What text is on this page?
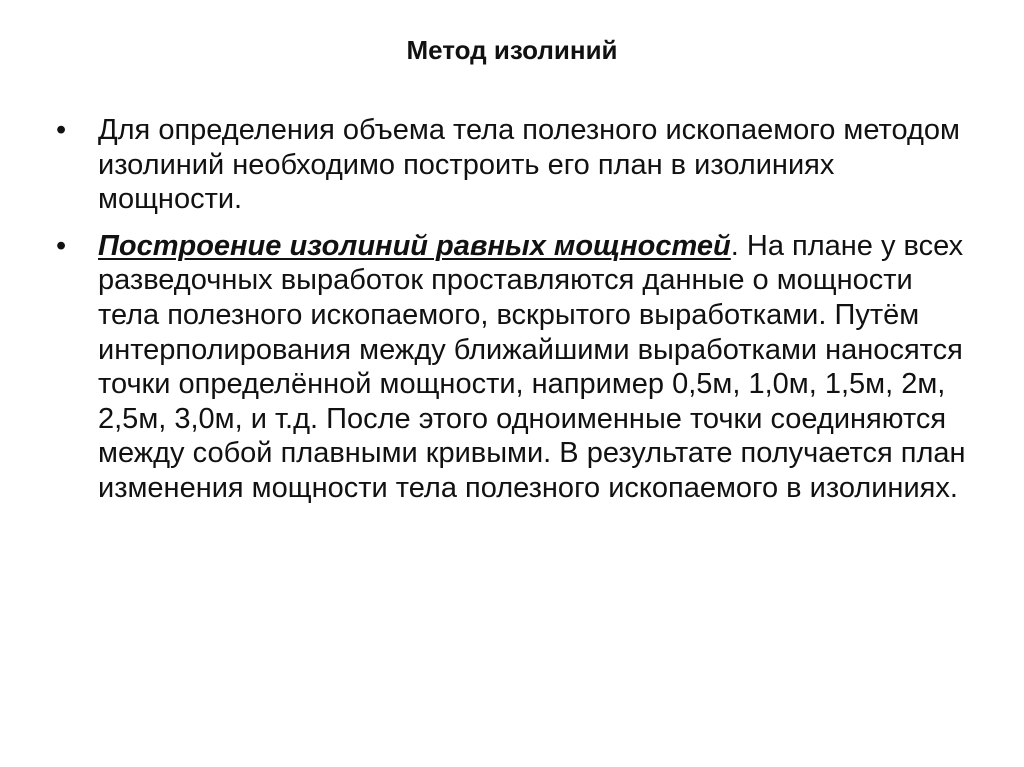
Метод изолиний
•	Для определения объема тела полезного ископаемого методом изолиний необходимо построить его план в изолиниях мощности.
•	Построение изолиний равных мощностей. На плане у всех разведочных выработок проставляются данные о мощности тела полезного ископаемого, вскрытого выработками. Путём интерполирования между ближайшими выработками наносятся точки определённой мощности, например 0,5м, 1,0м, 1,5м, 2м, 2,5м, 3,0м, и т.д. После этого одноименные точки соединяются между собой плавными кривыми. В результате получается план изменения мощности тела полезного ископаемого в изолиниях.
